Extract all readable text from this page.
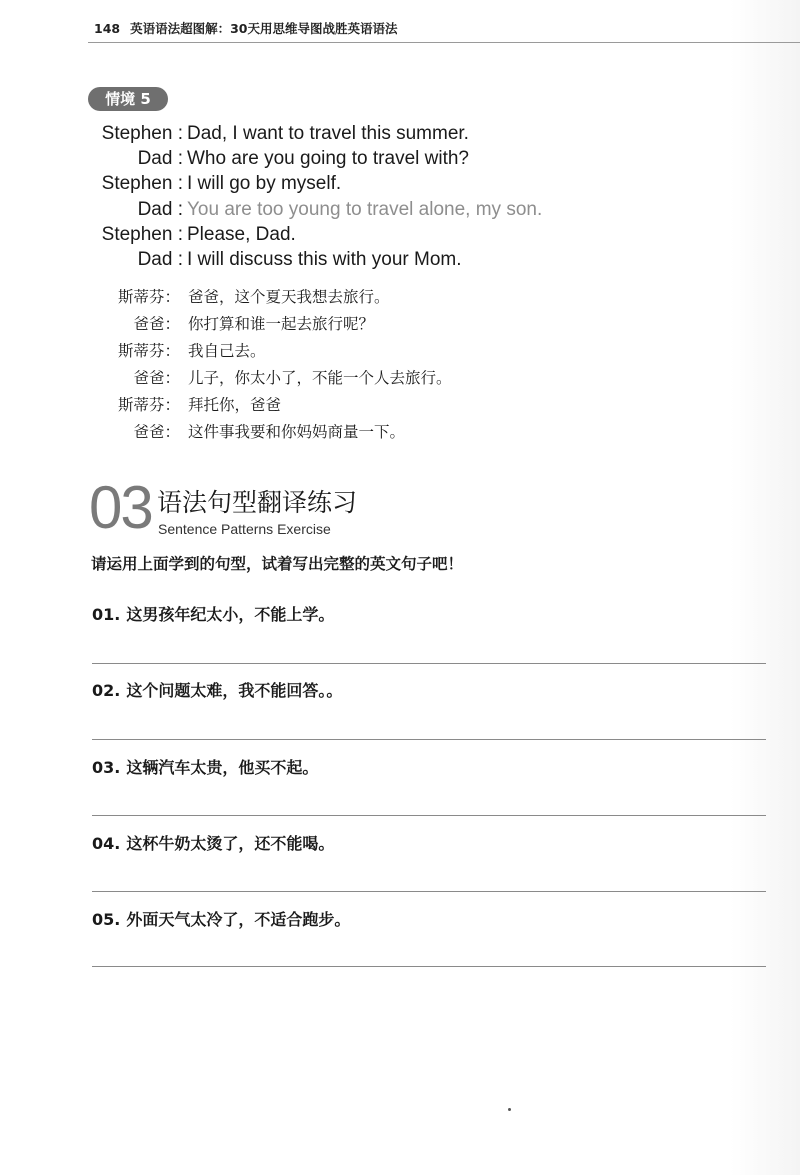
148 英语语法超图解：30天用思维导图战胜英语语法
情境 5
Stephen : Dad, I want to travel this summer.
Dad : Who are you going to travel with?
Stephen : I will go by myself.
Dad : You are too young to travel alone, my son.
Stephen : Please, Dad.
Dad : I will discuss this with your Mom.
斯蒂芬： 爸爸，这个夏天我想去旅行。
爸爸： 你打算和谁一起去旅行呢？
斯蒂芬： 我自己去。
爸爸： 儿子，你太小了，不能一个人去旅行。
斯蒂芬： 拜托你，爸爸
爸爸： 这件事我要和你妈妈商量一下。
03 语法句型翻译练习
Sentence Patterns Exercise
请运用上面学到的句型，试着写出完整的英文句子吧！
01. 这男孩年纪太小，不能上学。
02. 这个问题太难，我不能回答。。
03. 这辆汽车太贵，他买不起。
04. 这杯牛奶太烫了，还不能喝。
05. 外面天气太冷了，不适合跑步。
